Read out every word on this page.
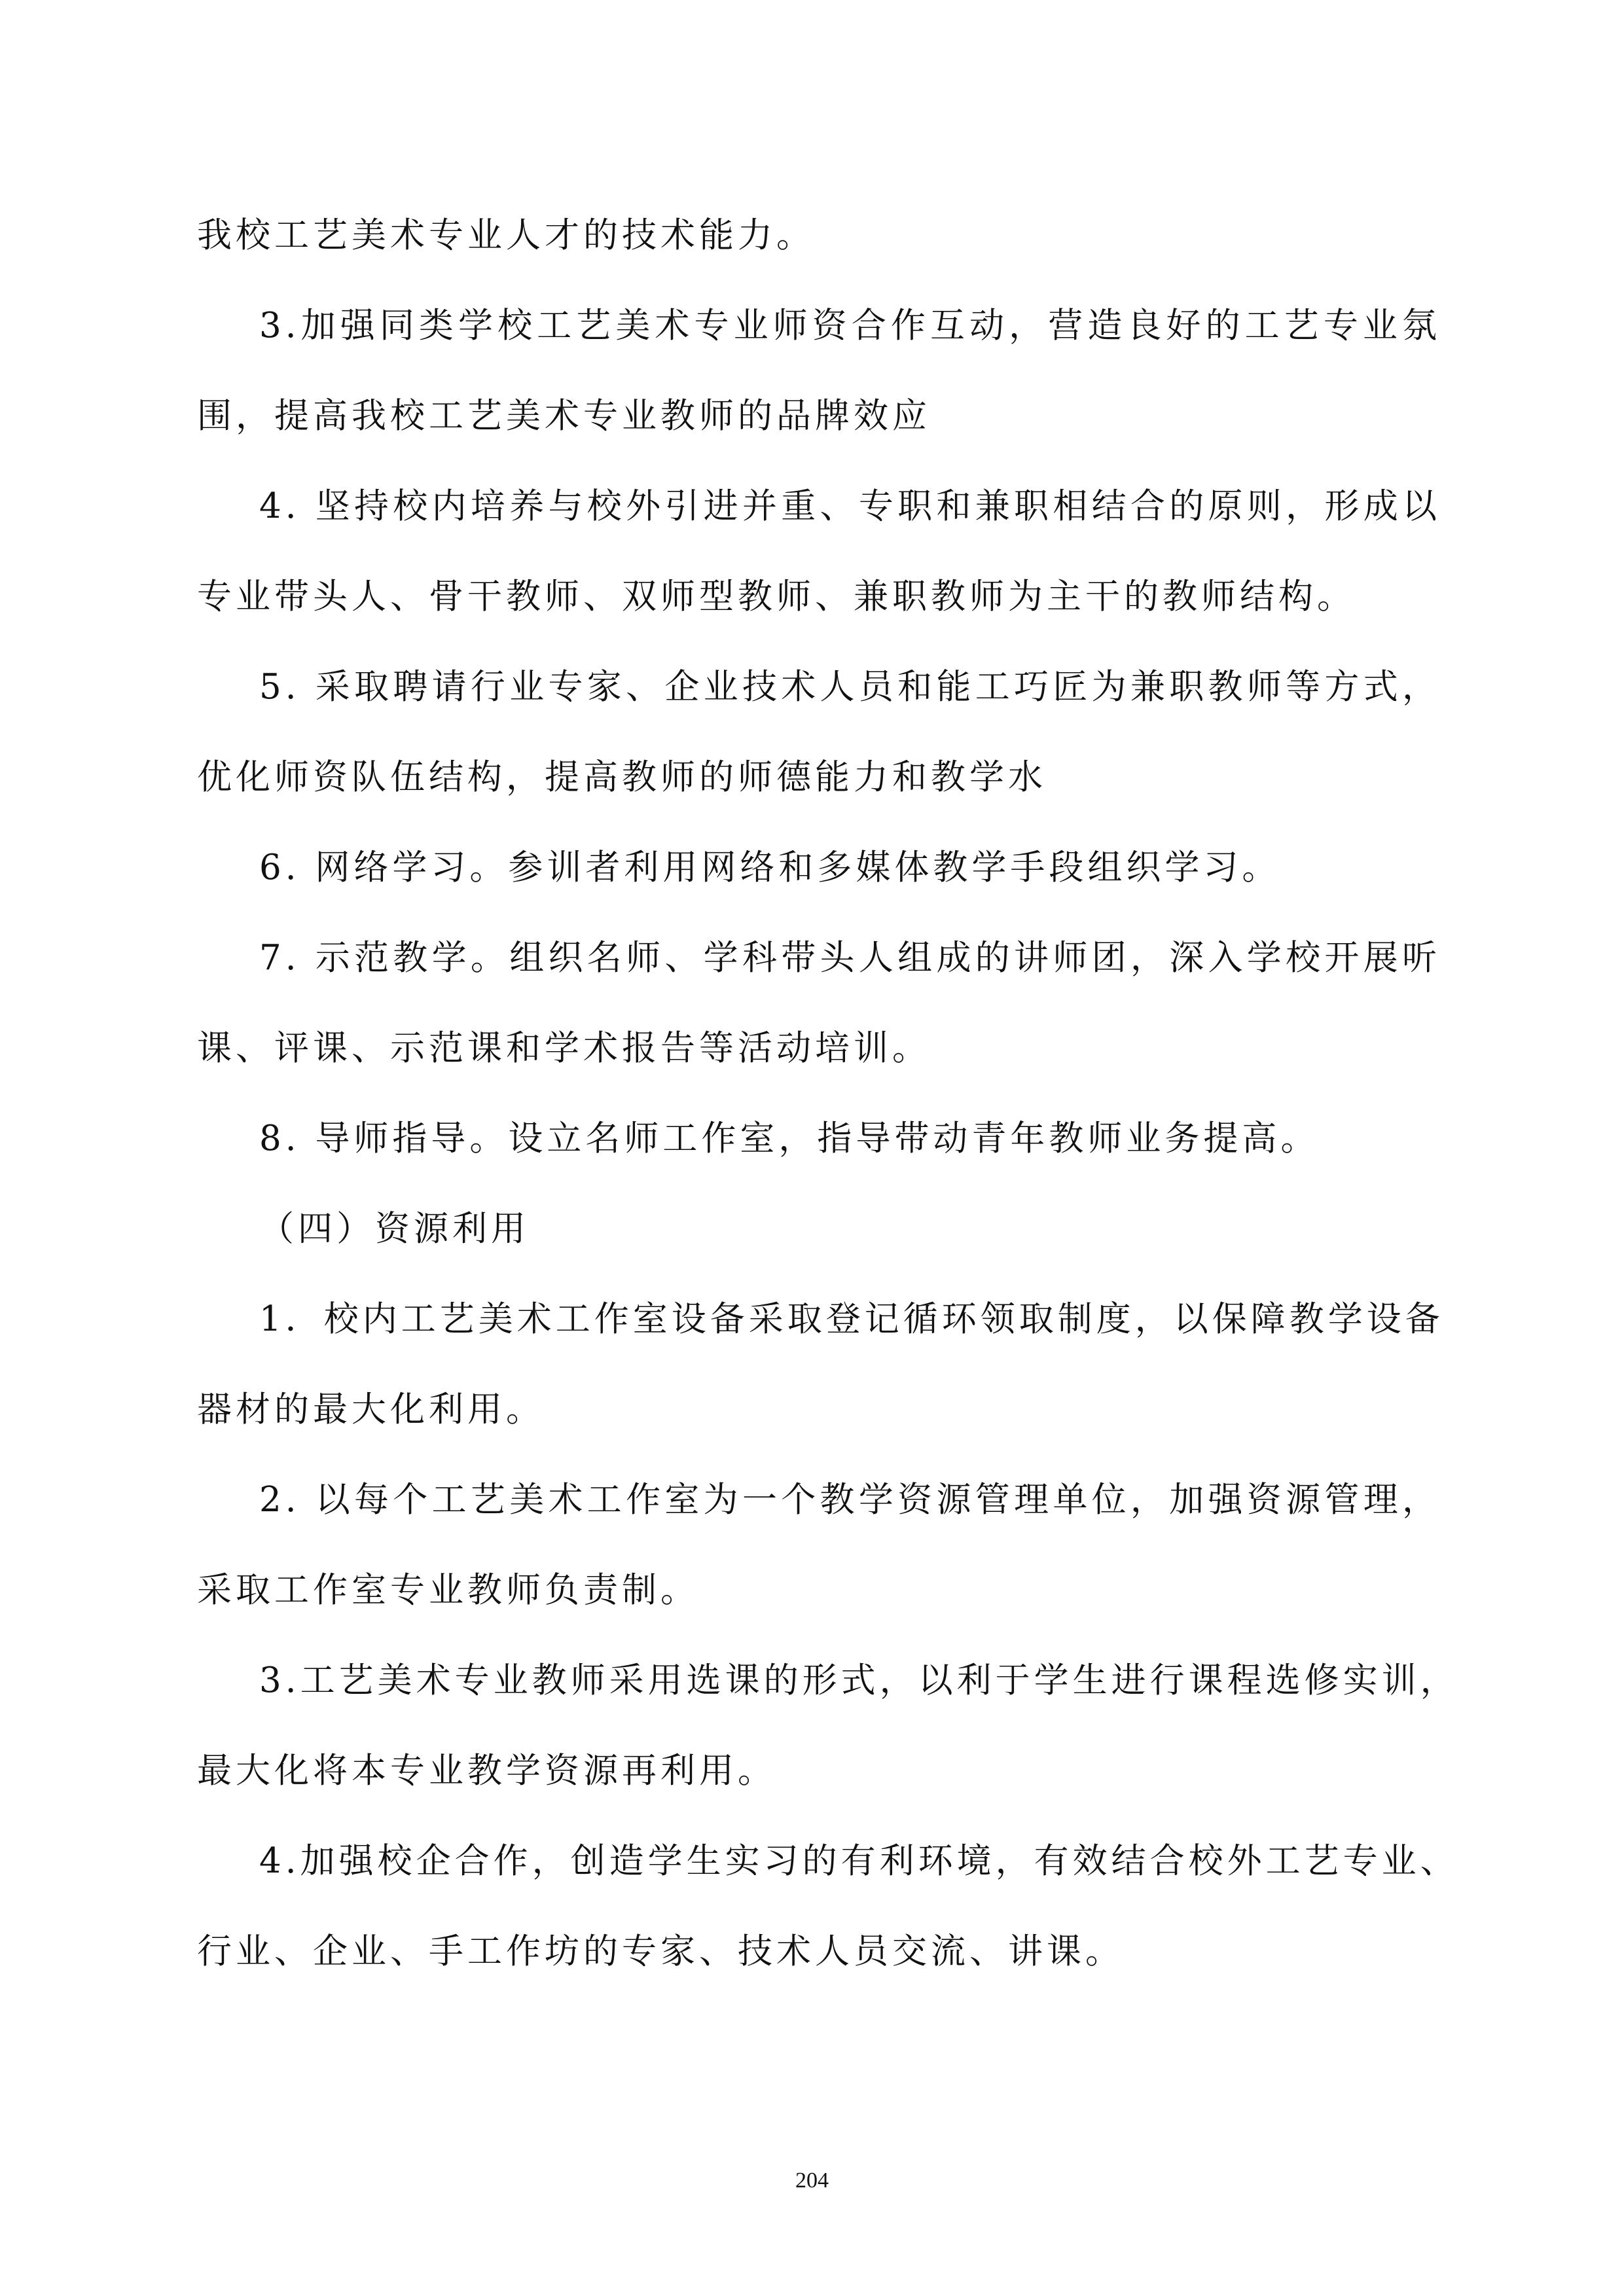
我校工艺美术专业人才的技术能力。
3.加强同类学校工艺美术专业师资合作互动，营造良好的工艺专业氛
围，提高我校工艺美术专业教师的品牌效应
4. 坚持校内培养与校外引进并重、专职和兼职相结合的原则，形成以
专业带头人、骨干教师、双师型教师、兼职教师为主干的教师结构。
5. 采取聘请行业专家、企业技术人员和能工巧匠为兼职教师等方式，
优化师资队伍结构，提高教师的师德能力和教学水
6. 网络学习。参训者利用网络和多媒体教学手段组织学习。
7. 示范教学。组织名师、学科带头人组成的讲师团，深入学校开展听
课、评课、示范课和学术报告等活动培训。
8. 导师指导。设立名师工作室，指导带动青年教师业务提高。
（四）资源利用
1．校内工艺美术工作室设备采取登记循环领取制度，以保障教学设备
器材的最大化利用。
2. 以每个工艺美术工作室为一个教学资源管理单位，加强资源管理，
采取工作室专业教师负责制。
3.工艺美术专业教师采用选课的形式，以利于学生进行课程选修实训，
最大化将本专业教学资源再利用。
4.加强校企合作，创造学生实习的有利环境，有效结合校外工艺专业、
行业、企业、手工作坊的专家、技术人员交流、讲课。
204
